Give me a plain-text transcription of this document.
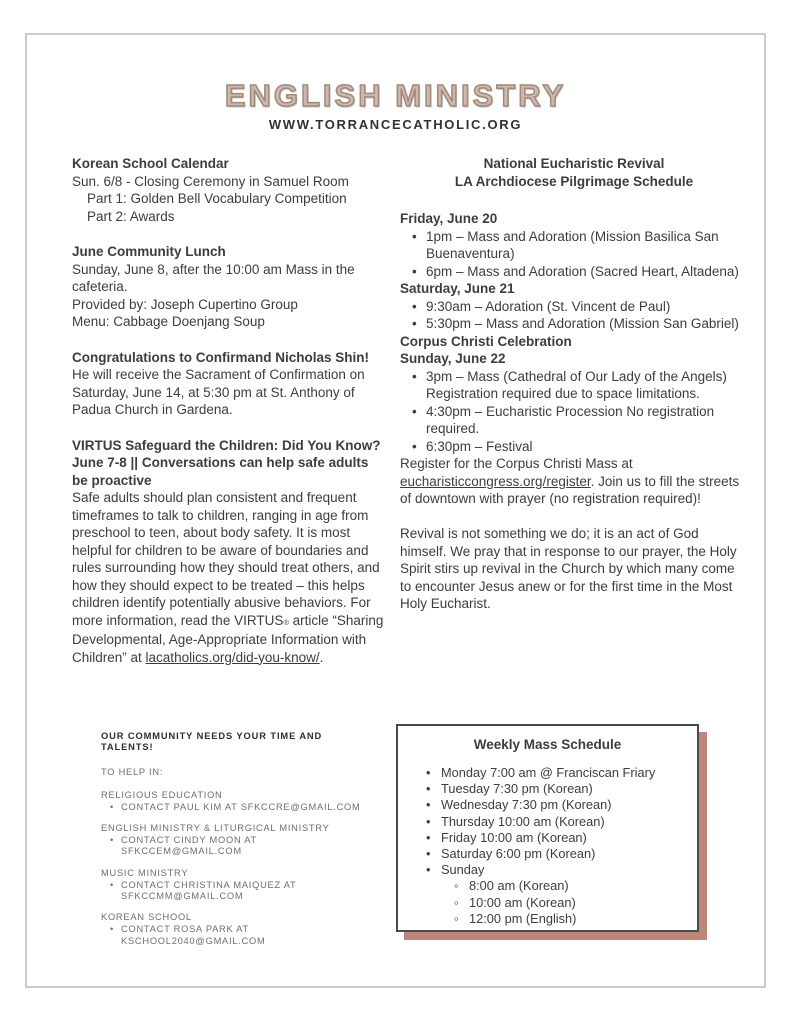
ENGLISH MINISTRY
WWW.TORRANCECATHOLIC.ORG
Korean School Calendar
Sun. 6/8 - Closing Ceremony in Samuel Room
Part 1: Golden Bell Vocabulary Competition
Part 2: Awards
June Community Lunch
Sunday, June 8, after the 10:00 am Mass in the cafeteria.
Provided by: Joseph Cupertino Group
Menu: Cabbage Doenjang Soup
Congratulations to Confirmand Nicholas Shin!
He will receive the Sacrament of Confirmation on Saturday, June 14, at 5:30 pm at St. Anthony of Padua Church in Gardena.
VIRTUS Safeguard the Children: Did You Know? June 7-8 || Conversations can help safe adults be proactive
Safe adults should plan consistent and frequent timeframes to talk to children, ranging in age from preschool to teen, about body safety. It is most helpful for children to be aware of boundaries and rules surrounding how they should treat others, and how they should expect to be treated – this helps children identify potentially abusive behaviors. For more information, read the VIRTUS® article “Sharing Developmental, Age-Appropriate Information with Children” at lacatholics.org/did-you-know/.
National Eucharistic Revival
LA Archdiocese Pilgrimage Schedule
Friday, June 20
• 1pm – Mass and Adoration (Mission Basilica San Buenaventura)
• 6pm – Mass and Adoration (Sacred Heart, Altadena)
Saturday, June 21
• 9:30am – Adoration (St. Vincent de Paul)
• 5:30pm – Mass and Adoration (Mission San Gabriel)
Corpus Christi Celebration
Sunday, June 22
• 3pm – Mass (Cathedral of Our Lady of the Angels) Registration required due to space limitations.
• 4:30pm – Eucharistic Procession No registration required.
• 6:30pm – Festival
Register for the Corpus Christi Mass at eucharisticcongress.org/register. Join us to fill the streets of downtown with prayer (no registration required)!
Revival is not something we do; it is an act of God himself. We pray that in response to our prayer, the Holy Spirit stirs up revival in the Church by which many come to encounter Jesus anew or for the first time in the Most Holy Eucharist.
OUR COMMUNITY NEEDS YOUR TIME AND TALENTS!
TO HELP IN:
RELIGIOUS EDUCATION
• CONTACT PAUL KIM AT SFKCCRE@GMAIL.COM
ENGLISH MINISTRY & LITURGICAL MINISTRY
• CONTACT CINDY MOON AT SFKCCEM@GMAIL.COM
MUSIC MINISTRY
• CONTACT CHRISTINA MAIQUEZ AT SFKCCMM@GMAIL.COM
KOREAN SCHOOL
• CONTACT ROSA PARK AT KSCHOOL2040@GMAIL.COM
Weekly Mass Schedule
• Monday 7:00 am @ Franciscan Friary
• Tuesday 7:30 pm (Korean)
• Wednesday 7:30 pm (Korean)
• Thursday 10:00 am (Korean)
• Friday 10:00 am (Korean)
• Saturday 6:00 pm (Korean)
• Sunday
◦ 8:00 am (Korean)
◦ 10:00 am (Korean)
◦ 12:00 pm (English)
